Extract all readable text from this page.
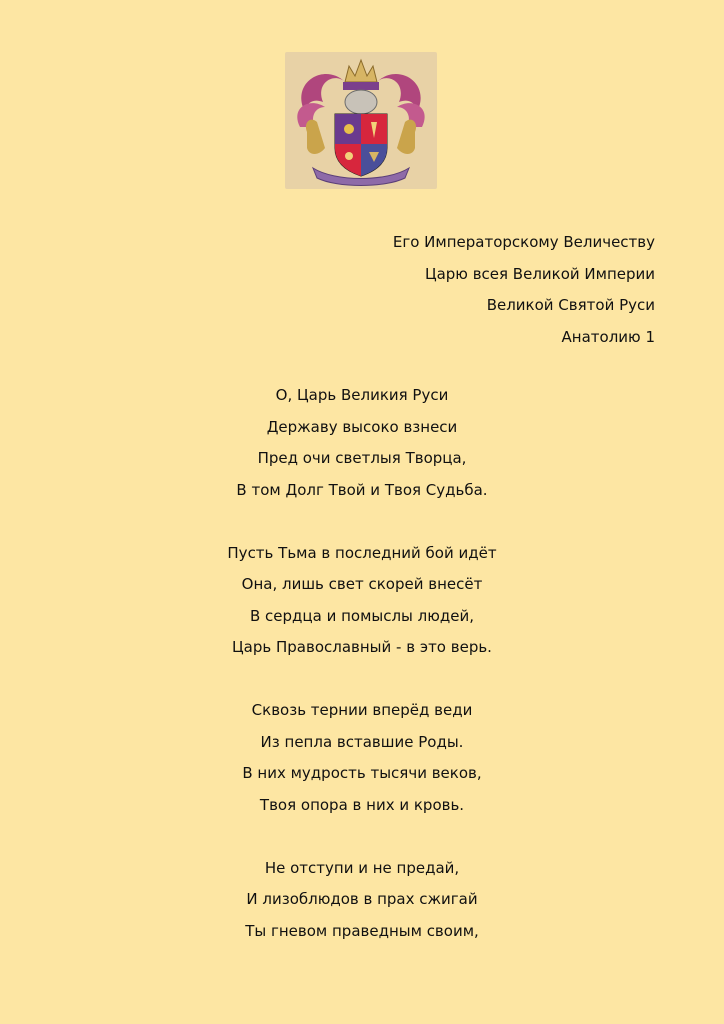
Его Императорскому Величеству
Царю всея Великой Империи
Великой Святой Руси
Анатолию 1
О, Царь Великия Руси
Державу высоко взнеси
Пред очи светлыя Творца,
В том Долг Твой и Твоя Судьба.
Пусть Тьма в последний бой идёт
Она, лишь свет скорей внесёт
В сердца и помыслы людей,
Царь Православный - в это верь.
Сквозь тернии вперёд веди
Из пепла вставшие Роды.
В них мудрость тысячи веков,
Твоя опора в них и кровь.
Не отступи и не предай,
И лизоблюдов в прах сжигай
Ты гневом праведным своим,
